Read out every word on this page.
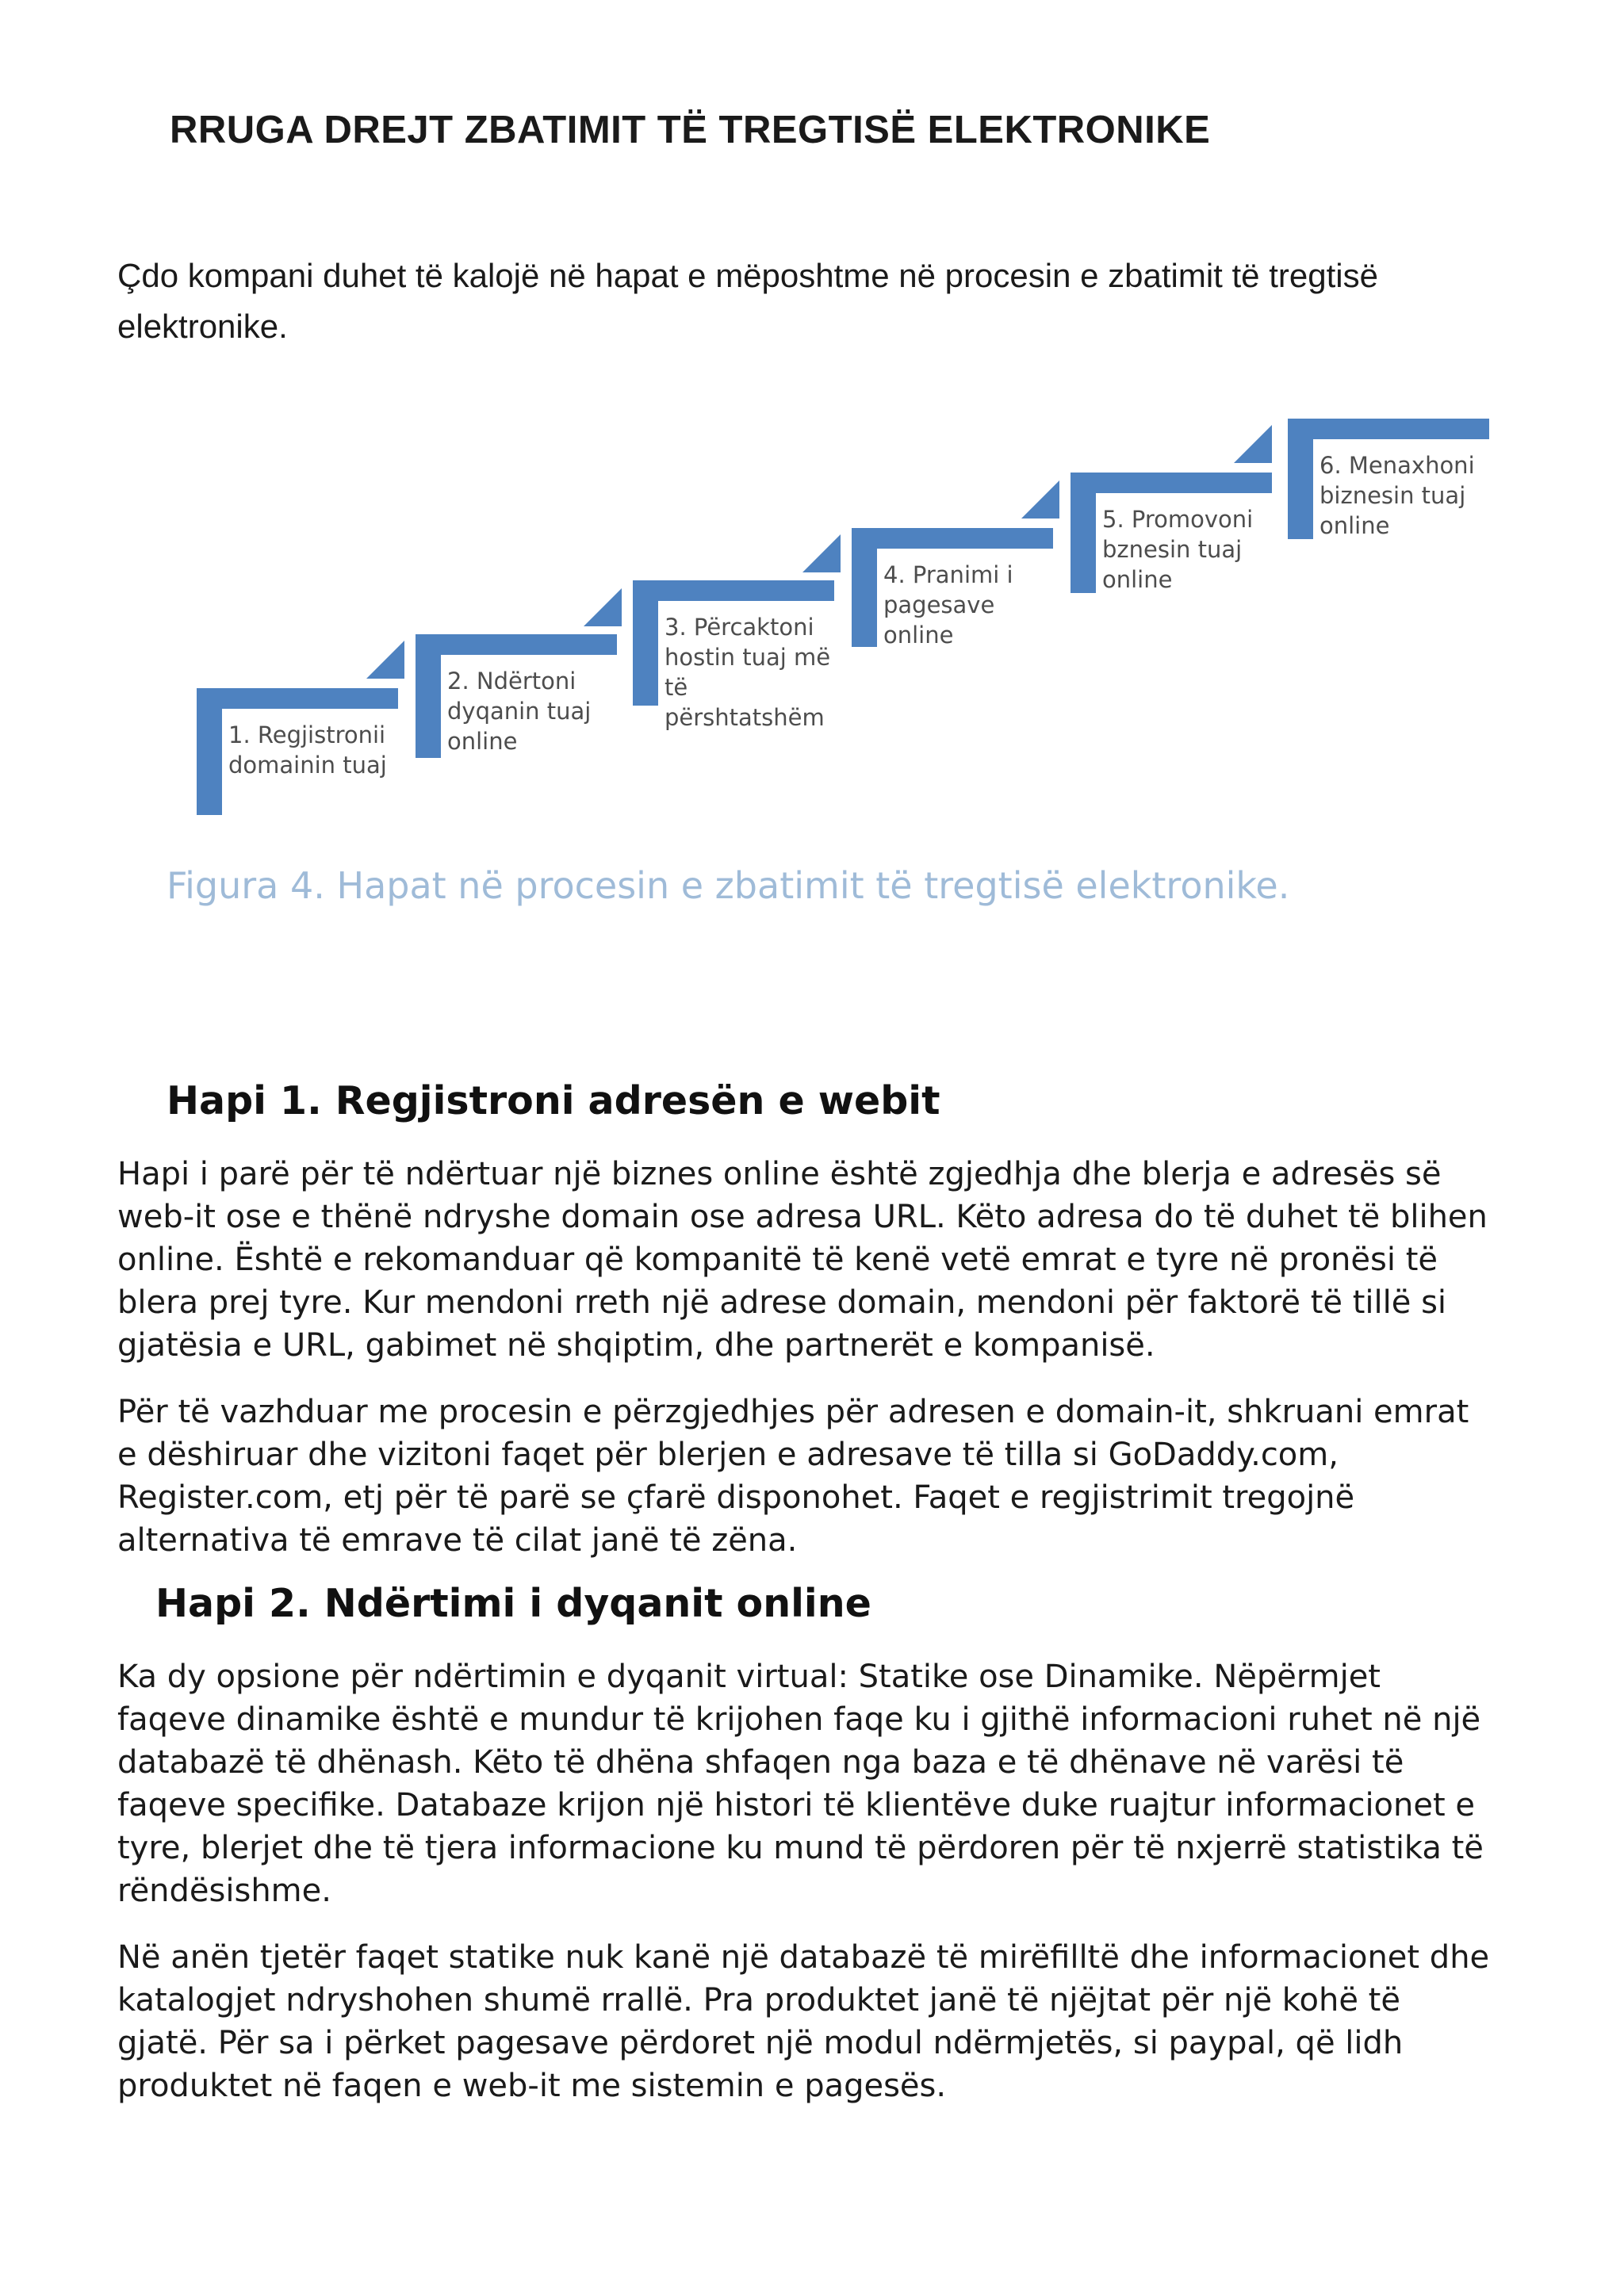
RRUGA DREJT ZBATIMIT TË TREGTISË ELEKTRONIKE

Çdo kompani duhet të kalojë në hapat e mëposhtme në procesin e zbatimit të tregtisë elektronike.

1. Regjistronii
domainin tuaj
2. Ndërtoni
dyqanin tuaj
online
3. Përcaktoni
hostin tuaj më
të
përshtatshëm
4. Pranimi i
pagesave
online
5. Promovoni
bznesin tuaj
online
6. Menaxhoni
biznesin tuaj
online

Figura 4. Hapat në procesin e zbatimit të tregtisë elektronike.

Hapi 1. Regjistroni adresën e webit

Hapi i parë për të ndërtuar një biznes online është zgjedhja dhe blerja e adresës së web-it ose e thënë ndryshe domain ose adresa URL. Këto adresa do të duhet të blihen online. Është e rekomanduar që kompanitë të kenë vetë emrat e tyre në pronësi të blera prej tyre. Kur mendoni rreth një adrese domain, mendoni për faktorë të tillë si gjatësia e URL, gabimet në shqiptim, dhe partnerët e kompanisë.

Për të vazhduar me procesin e përzgjedhjes për adresen e domain-it, shkruani emrat e dëshiruar dhe vizitoni faqet për blerjen e adresave të tilla si GoDaddy.com, Register.com, etj për të parë se çfarë disponohet. Faqet e regjistrimit tregojnë alternativa të emrave të cilat janë të zëna.

Hapi 2. Ndërtimi i dyqanit online

Ka dy opsione për ndërtimin e dyqanit virtual: Statike ose Dinamike. Nëpërmjet faqeve dinamike është e mundur të krijohen faqe ku i gjithë informacioni ruhet në një databazë të dhënash. Këto të dhëna shfaqen nga baza e të dhënave në varësi të faqeve specifike. Databaze krijon një histori të klientëve duke ruajtur informacionet e tyre, blerjet dhe të tjera informacione ku mund të përdoren për të nxjerrë statistika të rëndësishme.

Në anën tjetër faqet statike nuk kanë një databazë të mirëfilltë dhe informacionet dhe katalogjet ndryshohen shumë rrallë. Pra produktet janë të njëjtat për një kohë të gjatë. Për sa i përket pagesave përdoret një modul ndërmjetës, si paypal, që lidh produktet në faqen e web-it me sistemin e pagesës.
